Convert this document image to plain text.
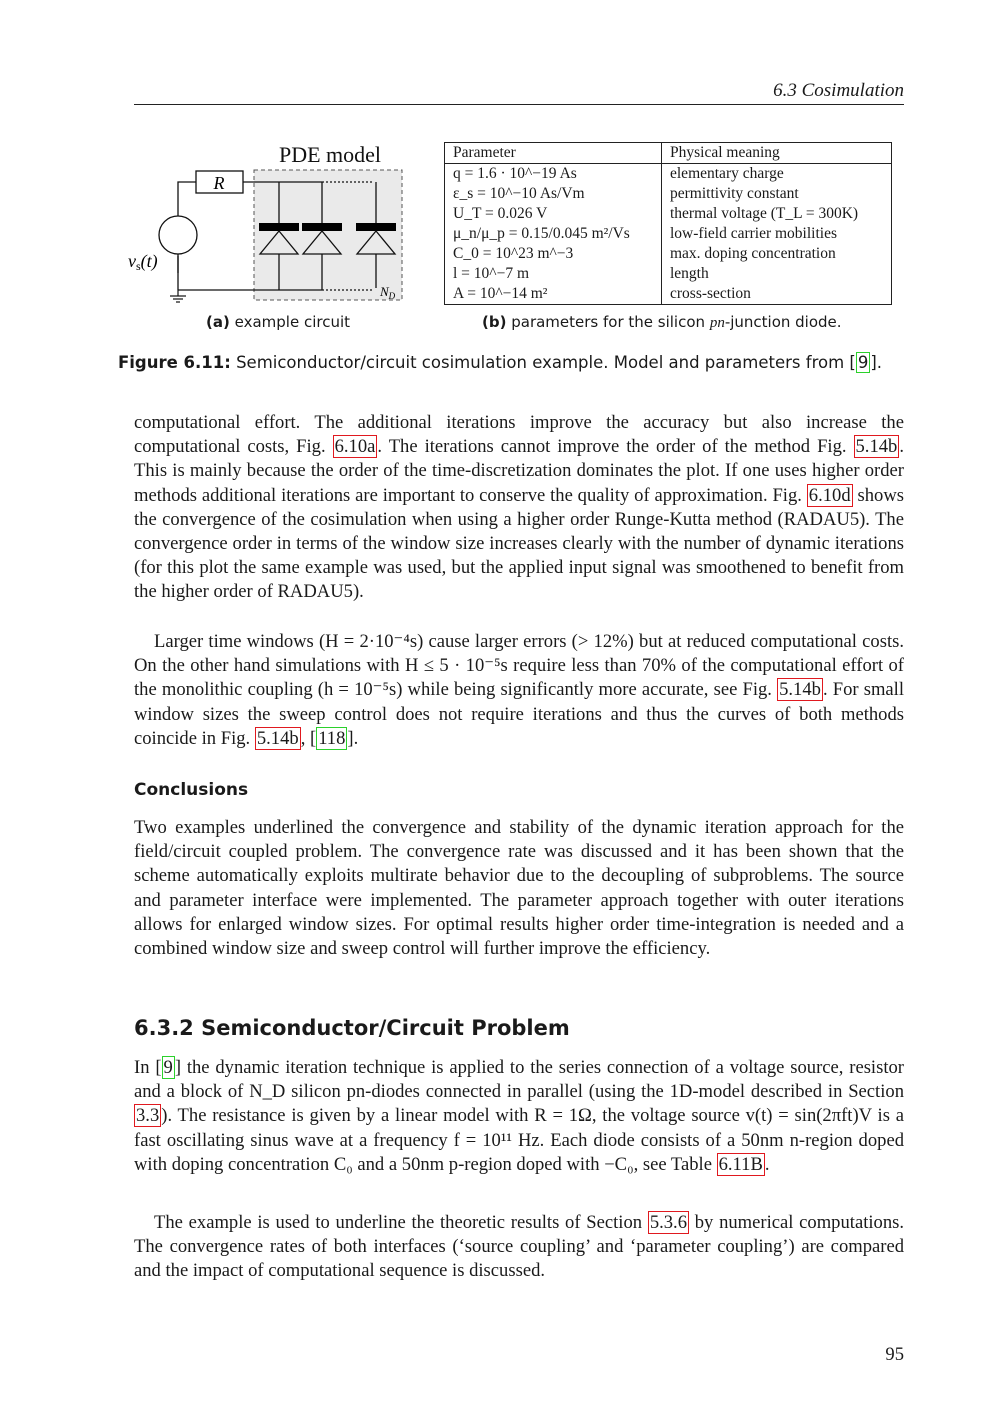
6.3 Cosimulation
PDE model
R
vs(t)
$N_D$
Parameter	Physical meaning
q = 1.6 · 10^−19 As	elementary charge
ε_s = 10^−10 As/Vm	permittivity constant
U_T = 0.026 V	thermal voltage (T_L = 300K)
μ_n/μ_p = 0.15/0.045 m²/Vs	low-field carrier mobilities
C_0 = 10^23 m^−3	max. doping concentration
l = 10^−7 m	length
A = 10^−14 m²	cross-section
(a) example circuit	(b) parameters for the silicon pn-junction diode.
Figure 6.11: Semiconductor/circuit cosimulation example. Model and parameters from [ 9 ].

computational effort. The additional iterations improve the accuracy but also increase the computational costs, Fig. 6.10a . The iterations cannot improve the order of the method Fig. 5.14b . This is mainly because the order of the time-discretization dominates the plot. If one uses higher order methods additional iterations are important to conserve the quality of approximation. Fig. 6.10d shows the convergence of the cosimulation when using a higher order Runge-Kutta method (RADAU5). The convergence order in terms of the window size increases clearly with the number of dynamic iterations (for this plot the same example was used, but the applied input signal was smoothened to benefit from the higher order of RADAU5).

Larger time windows (H = 2·10⁻⁴s) cause larger errors (> 12%) but at reduced computational costs. On the other hand simulations with H ≤ 5 · 10⁻⁵s require less than 70% of the computational effort of the monolithic coupling (h = 10⁻⁵s) while being significantly more accurate, see Fig. 5.14b . For small window sizes the sweep control does not require iterations and thus the curves of both methods coincide in Fig. 5.14b , [ 118 ].

Conclusions

Two examples underlined the convergence and stability of the dynamic iteration approach for the field/circuit coupled problem. The convergence rate was discussed and it has been shown that the scheme automatically exploits multirate behavior due to the decoupling of subproblems. The source and parameter interface were implemented. The parameter approach together with outer iterations allows for enlarged window sizes. For optimal results higher order time-integration is needed and a combined window size and sweep control will further improve the efficiency.

6.3.2 Semiconductor/Circuit Problem

In [ 9 ] the dynamic iteration technique is applied to the series connection of a voltage source, resistor and a block of N_D silicon pn-diodes connected in parallel (using the 1D-model described in Section 3.3 ). The resistance is given by a linear model with R = 1Ω, the voltage source v(t) = sin(2πft)V is a fast oscillating sinus wave at a frequency f = 10¹¹ Hz. Each diode consists of a 50nm n-region doped with doping concentration C₀ and a 50nm p-region doped with −C₀, see Table 6.11B .

The example is used to underline the theoretic results of Section 5.3.6 by numerical computations. The convergence rates of both interfaces (‘source coupling’ and ‘parameter coupling’) are compared and the impact of computational sequence is discussed.

95
